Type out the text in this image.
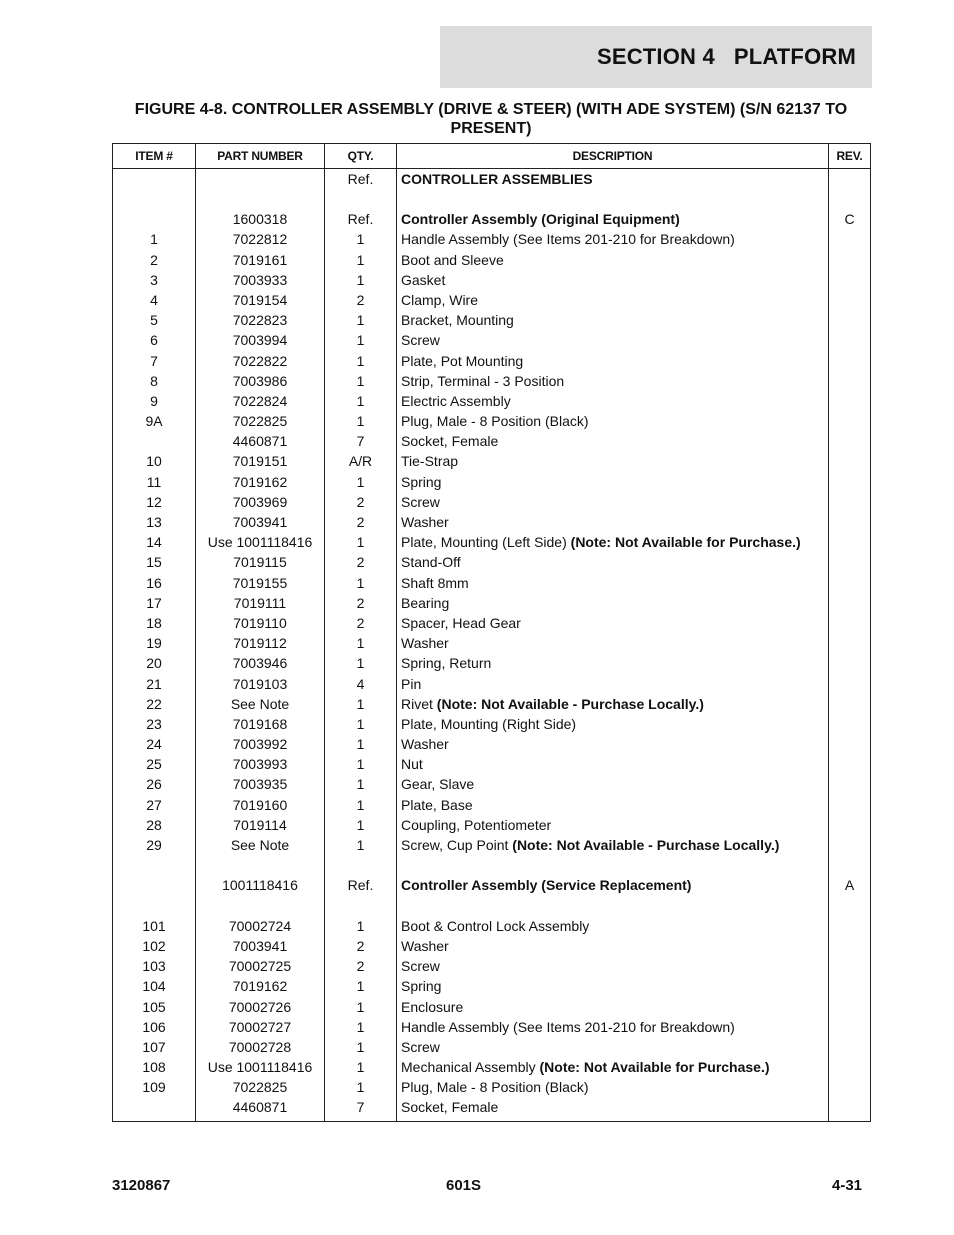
SECTION 4   PLATFORM
FIGURE 4-8. CONTROLLER ASSEMBLY (DRIVE & STEER) (WITH ADE SYSTEM) (S/N 62137 TO PRESENT)
ITEM #	PART NUMBER	QTY.	DESCRIPTION	REV.
		Ref.	CONTROLLER ASSEMBLIES	

	1600318	Ref.	Controller Assembly (Original Equipment)	C
1	7022812	1	Handle Assembly (See Items 201-210 for Breakdown)	
2	7019161	1	Boot and Sleeve	
3	7003933	1	Gasket	
4	7019154	2	Clamp, Wire	
5	7022823	1	Bracket, Mounting	
6	7003994	1	Screw	
7	7022822	1	Plate, Pot Mounting	
8	7003986	1	Strip, Terminal - 3 Position	
9	7022824	1	Electric Assembly	
9A	7022825	1	Plug, Male - 8 Position (Black)	
	4460871	7	Socket, Female	
10	7019151	A/R	Tie-Strap	
11	7019162	1	Spring	
12	7003969	2	Screw	
13	7003941	2	Washer	
14	Use 1001118416	1	Plate, Mounting (Left Side) (Note: Not Available for Purchase.)	
15	7019115	2	Stand-Off	
16	7019155	1	Shaft 8mm	
17	7019111	2	Bearing	
18	7019110	2	Spacer, Head Gear	
19	7019112	1	Washer	
20	7003946	1	Spring, Return	
21	7019103	4	Pin	
22	See Note	1	Rivet (Note: Not Available - Purchase Locally.)	
23	7019168	1	Plate, Mounting (Right Side)	
24	7003992	1	Washer	
25	7003993	1	Nut	
26	7003935	1	Gear, Slave	
27	7019160	1	Plate, Base	
28	7019114	1	Coupling, Potentiometer	
29	See Note	1	Screw, Cup Point (Note: Not Available - Purchase Locally.)	

	1001118416	Ref.	Controller Assembly (Service Replacement)	A

101	70002724	1	Boot & Control Lock Assembly	
102	7003941	2	Washer	
103	70002725	2	Screw	
104	7019162	1	Spring	
105	70002726	1	Enclosure	
106	70002727	1	Handle Assembly (See Items 201-210 for Breakdown)	
107	70002728	1	Screw	
108	Use 1001118416	1	Mechanical Assembly (Note: Not Available for Purchase.)	
109	7022825	1	Plug, Male - 8 Position (Black)	
	4460871	7	Socket, Female	
3120867	601S	4-31
